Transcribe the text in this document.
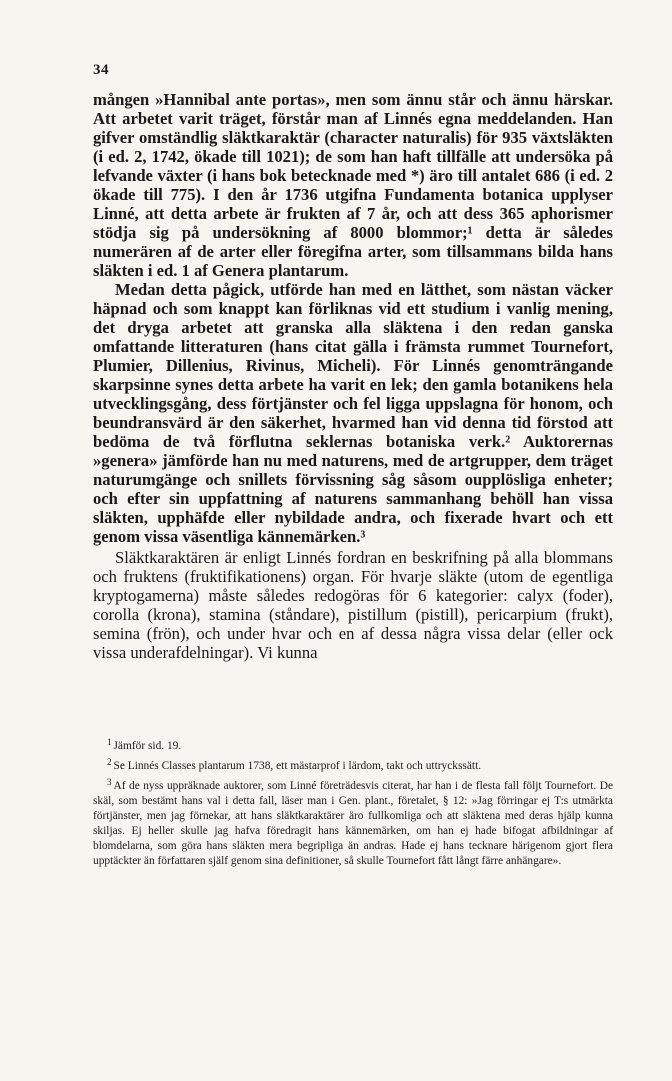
34

mången »Hannibal ante portas», men som ännu står och ännu härskar. Att arbetet varit träget, förstår man af Linnés egna meddelanden. Han gifver omständlig släktkaraktär (character naturalis) för 935 växtsläkten (i ed. 2, 1742, ökade till 1021); de som han haft tillfälle att undersöka på lefvande växter (i hans bok betecknade med *) äro till antalet 686 (i ed. 2 ökade till 775). I den år 1736 utgifna Fundamenta botanica upplyser Linné, att detta arbete är frukten af 7 år, och att dess 365 aphorismer stödja sig på undersökning af 8000 blommor;¹ detta är således numerären af de arter eller föregifna arter, som tillsammans bilda hans släkten i ed. 1 af Genera plantarum.

Medan detta pågick, utförde han med en lätthet, som nästan väcker häpnad och som knappt kan förliknas vid ett studium i vanlig mening, det dryga arbetet att granska alla släktena i den redan ganska omfattande litteraturen (hans citat gälla i främsta rummet Tournefort, Plumier, Dillenius, Rivinus, Micheli). För Linnés genomträngande skarpsinne synes detta arbete ha varit en lek; den gamla botanikens hela utvecklingsgång, dess förtjänster och fel ligga uppslagna för honom, och beundransvärd är den säkerhet, hvarmed han vid denna tid förstod att bedöma de två förflutna seklernas botaniska verk.² Auktorernas »genera» jämförde han nu med naturens, med de artgrupper, dem träget naturumgänge och snillets förvissning såg såsom oupplösliga enheter; och efter sin uppfattning af naturens sammanhang behöll han vissa släkten, upphäfde eller nybildade andra, och fixerade hvart och ett genom vissa väsentliga kännemärken.³

Släktkaraktären är enligt Linnés fordran en beskrifning på alla blommans och fruktens (fruktifikationens) organ. För hvarje släkte (utom de egentliga kryptogamerna) måste således redogöras för 6 kategorier: calyx (foder), corolla (krona), stamina (ståndare), pistillum (pistill), pericarpium (frukt), semina (frön), och under hvar och en af dessa några vissa delar (eller ock vissa underafdelningar). Vi kunna

$^1$ Jämför sid. 19.

$^2$ Se Linnés Classes plantarum 1738, ett mästarprof i lärdom, takt och uttryckssätt.

$^3$ Af de nyss uppräknade auktorer, som Linné företrädesvis citerat, har han i de flesta fall följt Tournefort. De skäl, som bestämt hans val i detta fall, läser man i Gen. plant., företalet, § 12: »Jag förringar ej T:s utmärkta förtjänster, men jag förnekar, att hans släktkaraktärer äro fullkomliga och att släktena med deras hjälp kunna skiljas. Ej heller skulle jag hafva föredragit hans kännemärken, om han ej hade bifogat afbildningar af blomdelarna, som göra hans släkten mera begripliga än andras. Hade ej hans tecknare härigenom gjort flera upptäckter än författaren själf genom sina definitioner, så skulle Tournefort fått långt färre anhängare».
